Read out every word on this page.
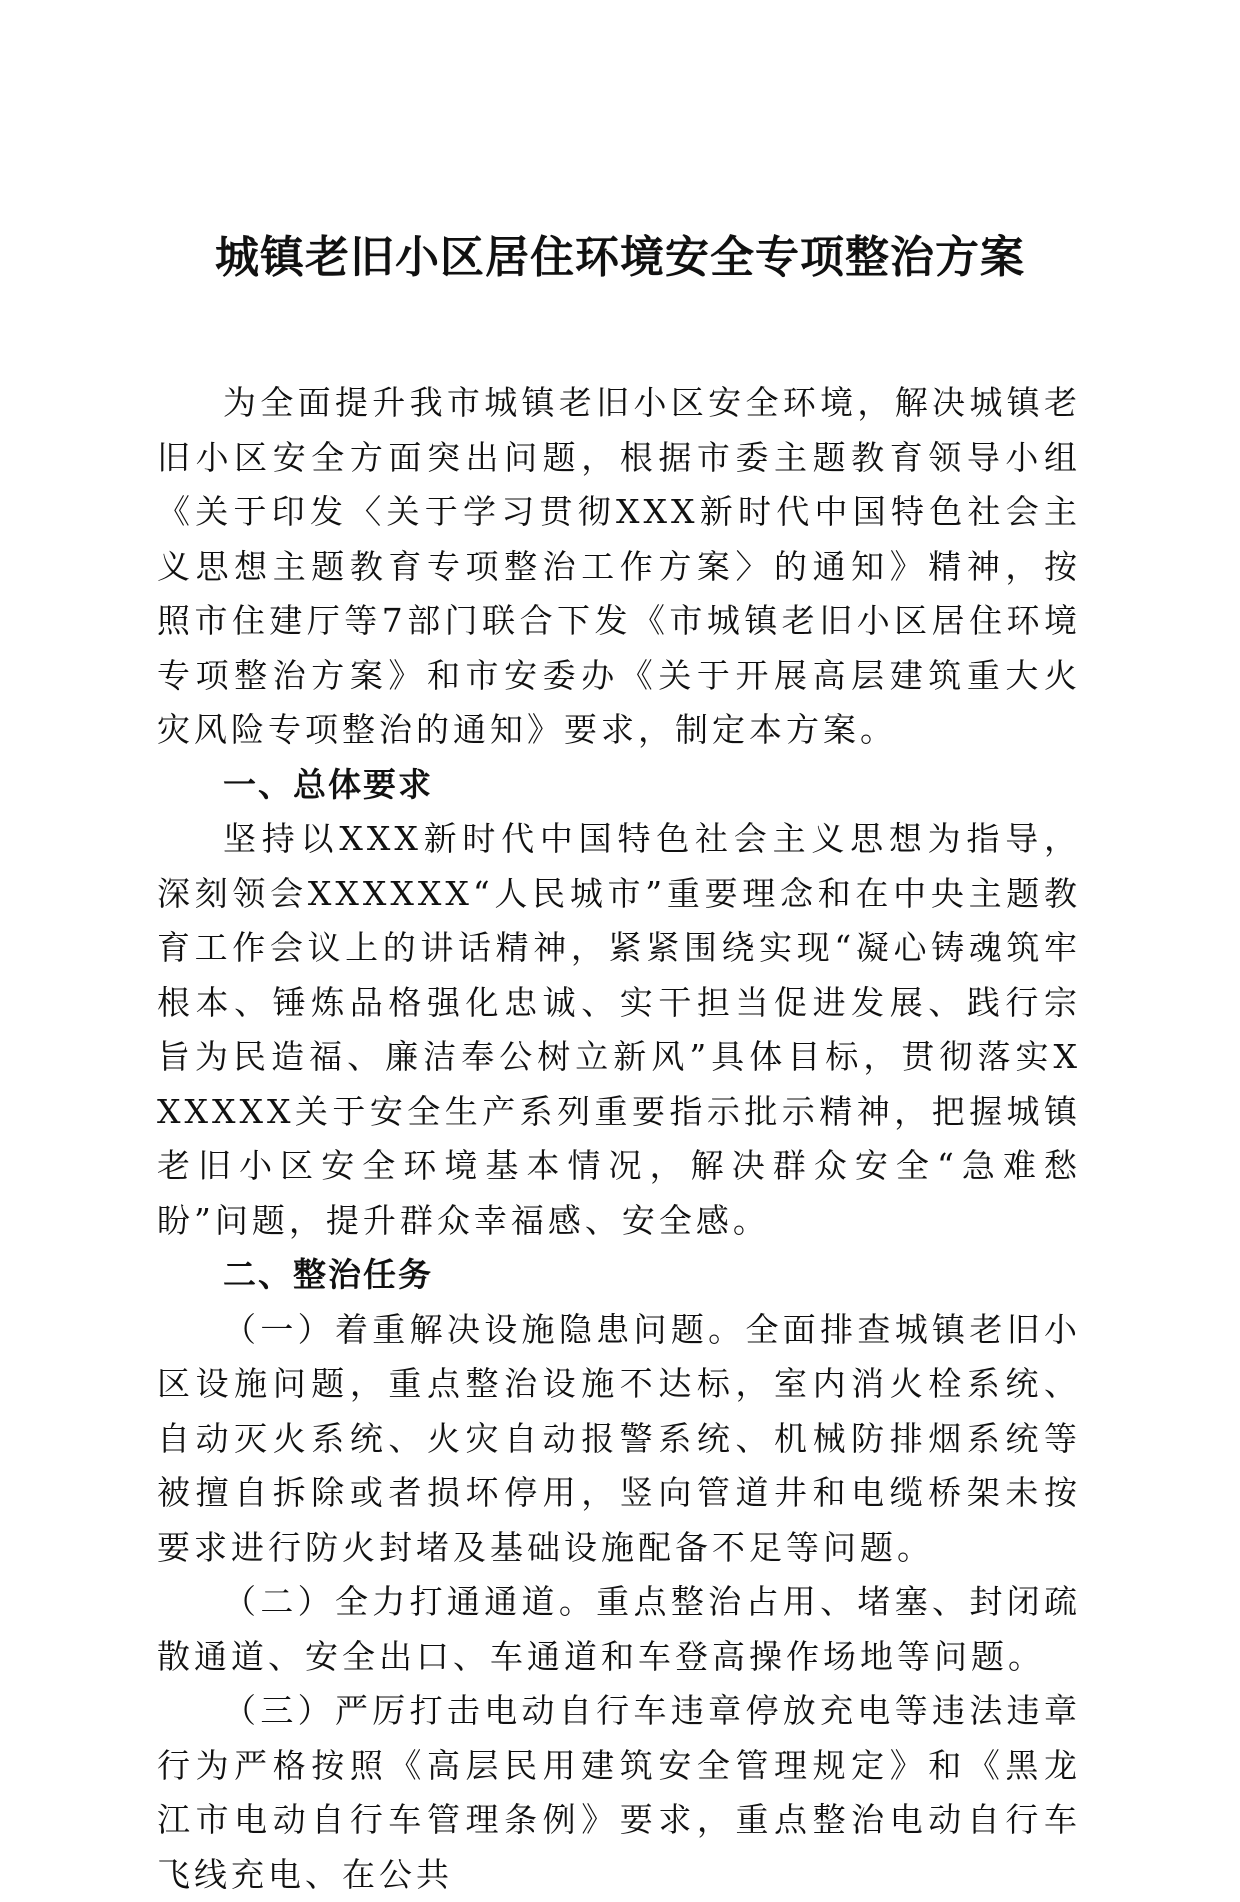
城镇老旧小区居住环境安全专项整治方案

为全面提升我市城镇老旧小区安全环境，解决城镇老旧小区安全方面突出问题，根据市委主题教育领导小组《关于印发〈关于学习贯彻XXX新时代中国特色社会主义思想主题教育专项整治工作方案〉的通知》精神，按照市住建厅等7部门联合下发《市城镇老旧小区居住环境专项整治方案》和市安委办《关于开展高层建筑重大火灾风险专项整治的通知》要求，制定本方案。

一、总体要求

坚持以XXX新时代中国特色社会主义思想为指导，深刻领会XXXXXX“人民城市”重要理念和在中央主题教育工作会议上的讲话精神，紧紧围绕实现“凝心铸魂筑牢根本、锤炼品格强化忠诚、实干担当促进发展、践行宗旨为民造福、廉洁奉公树立新风”具体目标，贯彻落实XXXXXX关于安全生产系列重要指示批示精神，把握城镇老旧小区安全环境基本情况，解决群众安全“急难愁盼”问题，提升群众幸福感、安全感。

二、整治任务

（一）着重解决设施隐患问题。全面排查城镇老旧小区设施问题，重点整治设施不达标，室内消火栓系统、自动灭火系统、火灾自动报警系统、机械防排烟系统等被擅自拆除或者损坏停用，竖向管道井和电缆桥架未按要求进行防火封堵及基础设施配备不足等问题。

（二）全力打通通道。重点整治占用、堵塞、封闭疏散通道、安全出口、车通道和车登高操作场地等问题。

（三）严厉打击电动自行车违章停放充电等违法违章行为严格按照《高层民用建筑安全管理规定》和《黑龙江市电动自行车管理条例》要求，重点整治电动自行车飞线充电、在公共
